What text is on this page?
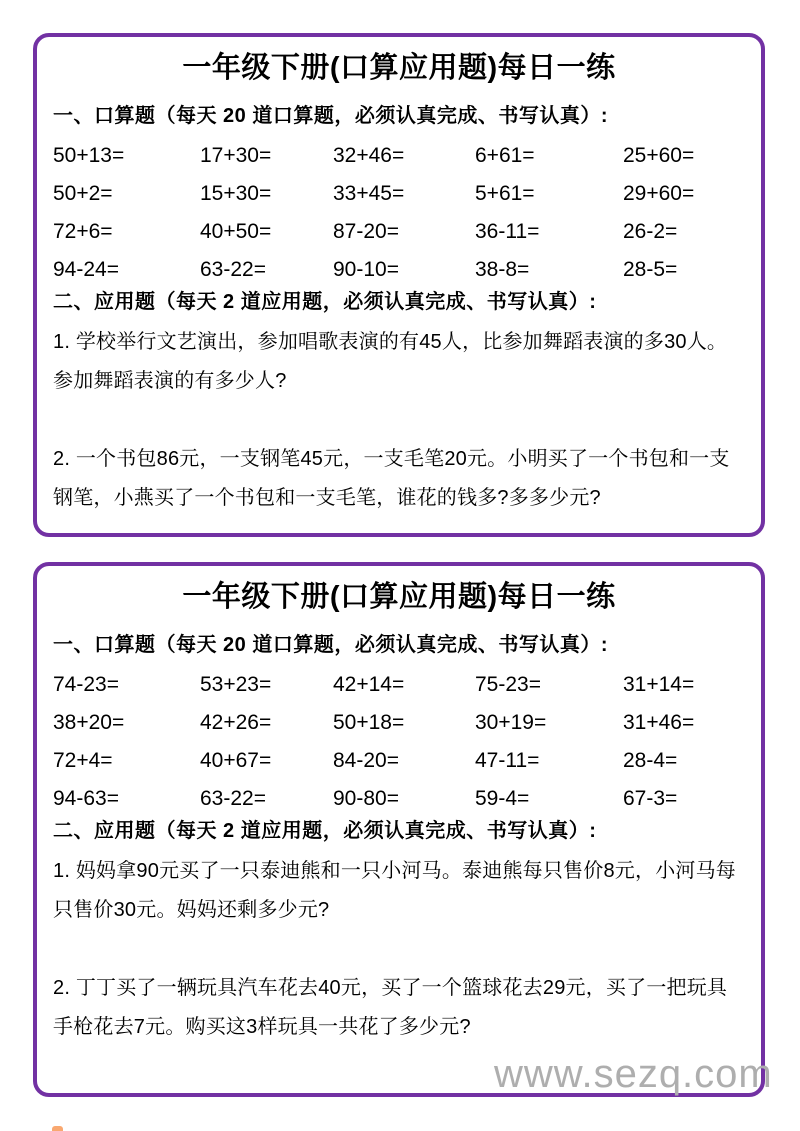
一年级下册(口算应用题)每日一练
一、口算题（每天 20 道口算题，必须认真完成、书写认真）:
50+13=	17+30=	32+46=	6+61=	25+60=
50+2=	15+30=	33+45=	5+61=	29+60=
72+6=	40+50=	87-20=	36-11=	26-2=
94-24=	63-22=	90-10=	38-8=	28-5=
二、应用题（每天 2 道应用题，必须认真完成、书写认真）:

1. 学校举行文艺演出，参加唱歌表演的有45人，比参加舞蹈表演的多30人。参加舞蹈表演的有多少人?

2. 一个书包86元，一支钢笔45元，一支毛笔20元。小明买了一个书包和一支钢笔，小燕买了一个书包和一支毛笔，谁花的钱多?多多少元?

一年级下册(口算应用题)每日一练
一、口算题（每天 20 道口算题，必须认真完成、书写认真）:
74-23=	53+23=	42+14=	75-23=	31+14=
38+20=	42+26=	50+18=	30+19=	31+46=
72+4=	40+67=	84-20=	47-11=	28-4=
94-63=	63-22=	90-80=	59-4=	67-3=
二、应用题（每天 2 道应用题，必须认真完成、书写认真）:

1. 妈妈拿90元买了一只泰迪熊和一只小河马。泰迪熊每只售价8元，小河马每只售价30元。妈妈还剩多少元?

2. 丁丁买了一辆玩具汽车花去40元，买了一个篮球花去29元，买了一把玩具手枪花去7元。购买这3样玩具一共花了多少元?

www.sezq.com
